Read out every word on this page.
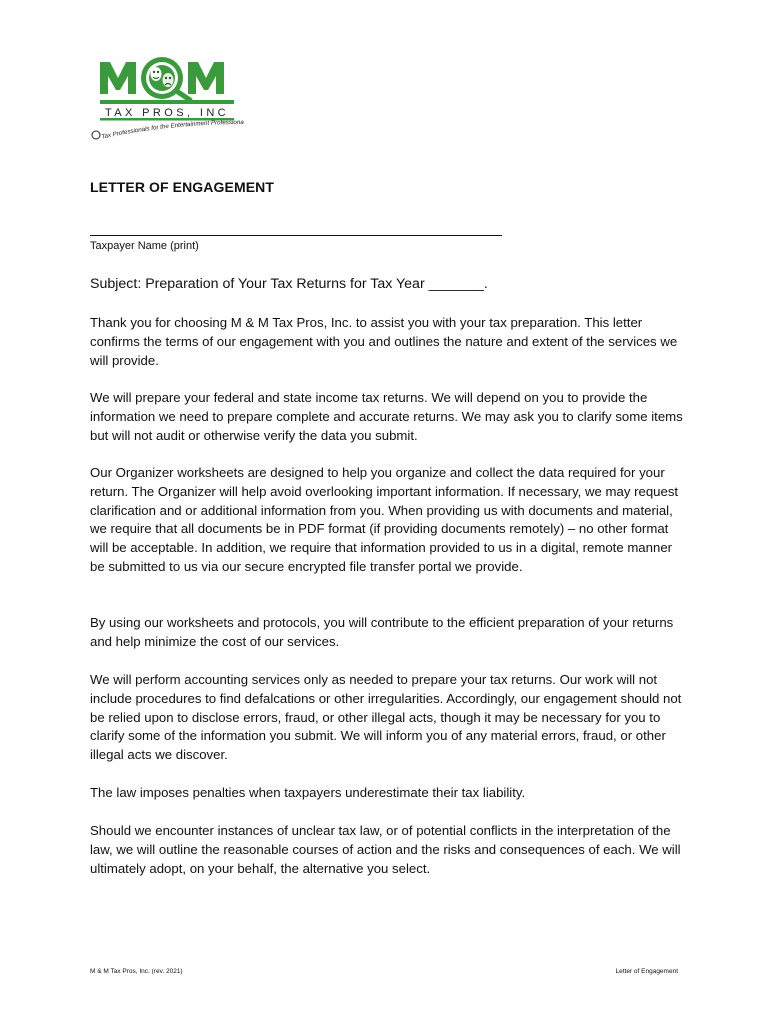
TAX PROS, INC
Tax Professionals for the Entertainment Professiona
LETTER OF ENGAGEMENT
Taxpayer Name (print)
Subject: Preparation of Your Tax Returns for Tax Year _______.

Thank you for choosing M & M Tax Pros, Inc. to assist you with your tax preparation. This letter confirms the terms of our engagement with you and outlines the nature and extent of the services we will provide.

We will prepare your federal and state income tax returns. We will depend on you to provide the information we need to prepare complete and accurate returns. We may ask you to clarify some items but will not audit or otherwise verify the data you submit.

Our Organizer worksheets are designed to help you organize and collect the data required for your return. The Organizer will help avoid overlooking important information. If necessary, we may request clarification and or additional information from you. When providing us with documents and material, we require that all documents be in PDF format (if providing documents remotely) – no other format will be acceptable. In addition, we require that information provided to us in a digital, remote manner be submitted to us via our secure encrypted file transfer portal we provide.

By using our worksheets and protocols, you will contribute to the efficient preparation of your returns and help minimize the cost of our services.

We will perform accounting services only as needed to prepare your tax returns. Our work will not include procedures to find defalcations or other irregularities. Accordingly, our engagement should not be relied upon to disclose errors, fraud, or other illegal acts, though it may be necessary for you to clarify some of the information you submit. We will inform you of any material errors, fraud, or other illegal acts we discover.

The law imposes penalties when taxpayers underestimate their tax liability.

Should we encounter instances of unclear tax law, or of potential conflicts in the interpretation of the law, we will outline the reasonable courses of action and the risks and consequences of each. We will ultimately adopt, on your behalf, the alternative you select.

M & M Tax Pros, Inc. (rev. 2021)	Letter of Engagement
